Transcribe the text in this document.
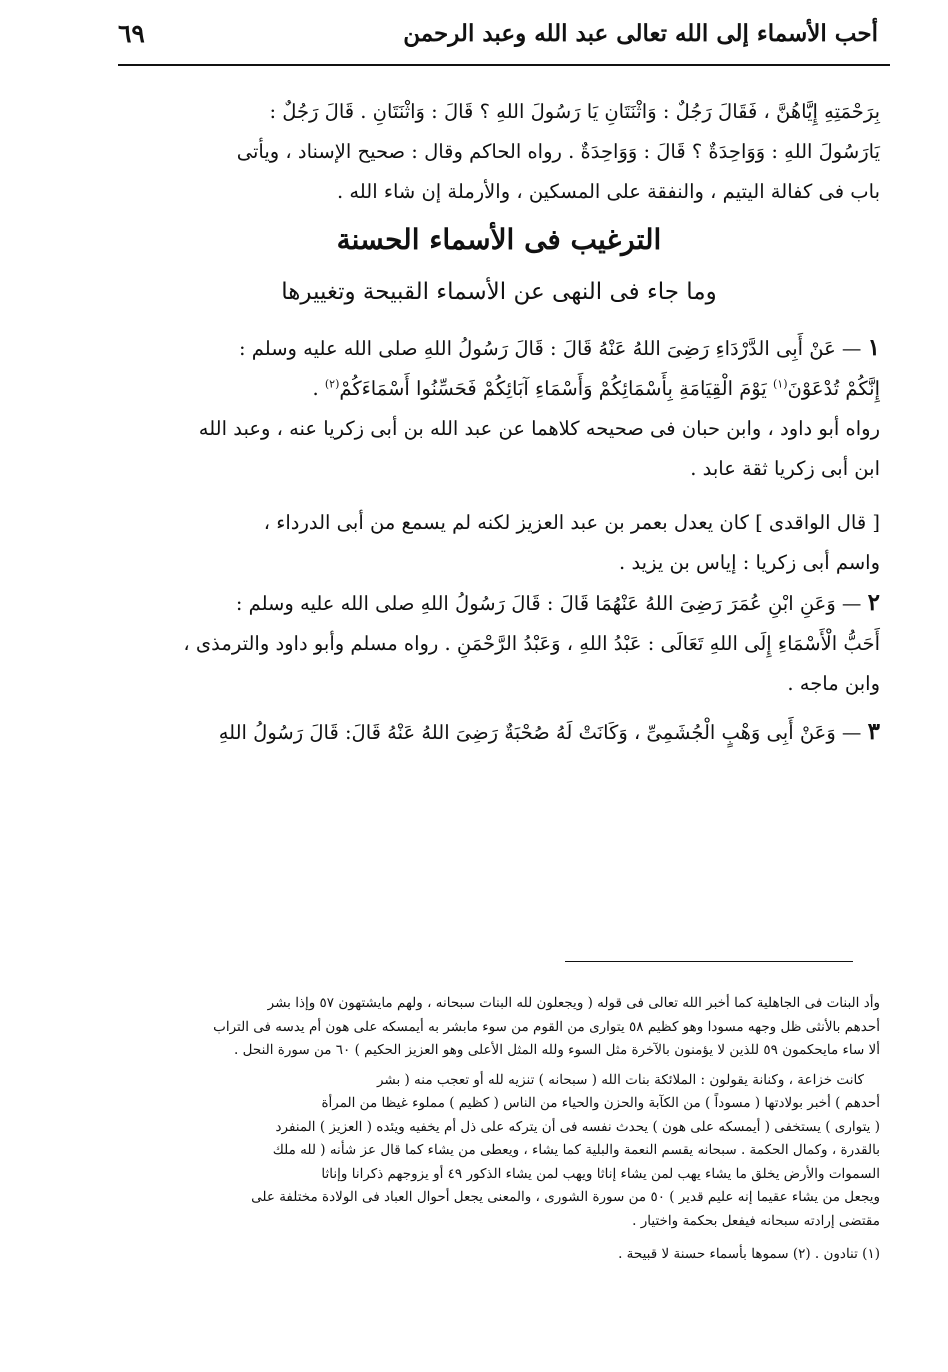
أحب الأسماء إلى الله تعالى عبد الله وعبد الرحمن
٦٩

بِرَحْمَتِهِ إِيَّاهُنَّ ، فَقَالَ رَجُلٌ : وَاثْنَتَانِ يَا رَسُولَ اللهِ ؟ قَالَ : وَاثْنَتَانِ . قَالَ رَجُلٌ :

يَارَسُولَ اللهِ : وَوَاحِدَةٌ ؟ قَالَ : وَوَاحِدَةٌ . رواه الحاكم وقال : صحيح الإسناد ، ويأتى

باب فى كفالة اليتيم ، والنفقة على المسكين ، والأرملة إن شاء الله .

الترغيب فى الأسماء الحسنة
وما جاء فى النهى عن الأسماء القبيحة وتغييرها

١ — عَنْ أَبِى الدَّرْدَاءِ رَضِىَ اللهُ عَنْهُ قَالَ : قَالَ رَسُولُ اللهِ صلى الله عليه وسلم :

إِنَّكُمْ تُدْعَوْنَ$^{(١)}$ يَوْمَ الْقِيَامَةِ بِأَسْمَائِكُمْ وَأَسْمَاءِ آبَائِكُمْ فَحَسِّنُوا أَسْمَاءَكُمْ$^{(٢)}$ .

رواه أبو داود ، وابن حبان فى صحيحه كلاهما عن عبد الله بن أبى زكريا عنه ، وعبد الله

ابن أبى زكريا ثقة عابد .

[ قال الواقدى ] كان يعدل بعمر بن عبد العزيز لكنه لم يسمع من أبى الدرداء ،

واسم أبى زكريا : إياس بن يزيد .

٢ — وَعَنِ ابْنِ عُمَرَ رَضِىَ اللهُ عَنْهُمَا قَالَ : قَالَ رَسُولُ اللهِ صلى الله عليه وسلم :

أَحَبُّ الْأَسْمَاءِ إِلَى اللهِ تَعَالَى : عَبْدُ اللهِ ، وَعَبْدُ الرَّحْمَنِ . رواه مسلم وأبو داود والترمذى ،

وابن ماجه .

٣ — وَعَنْ أَبِى وَهْبٍ الْجُشَمِىِّ ، وَكَانَتْ لَهُ صُحْبَةٌ رَضِىَ اللهُ عَنْهُ قَالَ: قَالَ رَسُولُ اللهِ

وأد البنات فى الجاهلية كما أخبر الله تعالى فى قوله ( ويجعلون لله البنات سبحانه ، ولهم مايشتهون ٥٧ وإذا بشر

أحدهم بالأنثى ظل وجهه مسودا وهو كظيم ٥٨ يتوارى من القوم من سوء مابشر به أيمسكه على هون أم يدسه فى التراب

ألا ساء مايحكمون ٥٩ للذين لا يؤمنون بالآخرة مثل السوء ولله المثل الأعلى وهو العزيز الحكيم ) ٦٠ من سورة النحل .

كانت خزاعة ، وكنانة يقولون : الملائكة بنات الله ( سبحانه ) تنزيه لله أو تعجب منه ( بشر

أحدهم ) أخبر بولادتها ( مسوداً ) من الكآبة والحزن والحياء من الناس ( كظيم ) مملوء غيظا من المرأة

( يتوارى ) يستخفى ( أيمسكه على هون ) يحدث نفسه فى أن يتركه على ذل أم يخفيه ويئده ( العزيز ) المنفرد

بالقدرة ، وكمال الحكمة . سبحانه يقسم النعمة والبلية كما يشاء ، ويعطى من يشاء كما قال عز شأنه ( لله ملك

السموات والأرض يخلق ما يشاء يهب لمن يشاء إناثا ويهب لمن يشاء الذكور ٤٩ أو يزوجهم ذكرانا وإناثا

ويجعل من يشاء عقيما إنه عليم قدير ) ٥٠ من سورة الشورى ، والمعنى يجعل أحوال العباد فى الولادة مختلفة على

مقتضى إرادته سبحانه فيفعل بحكمة واختيار .

(١) تنادون . (٢) سموها بأسماء حسنة لا قبيحة .
